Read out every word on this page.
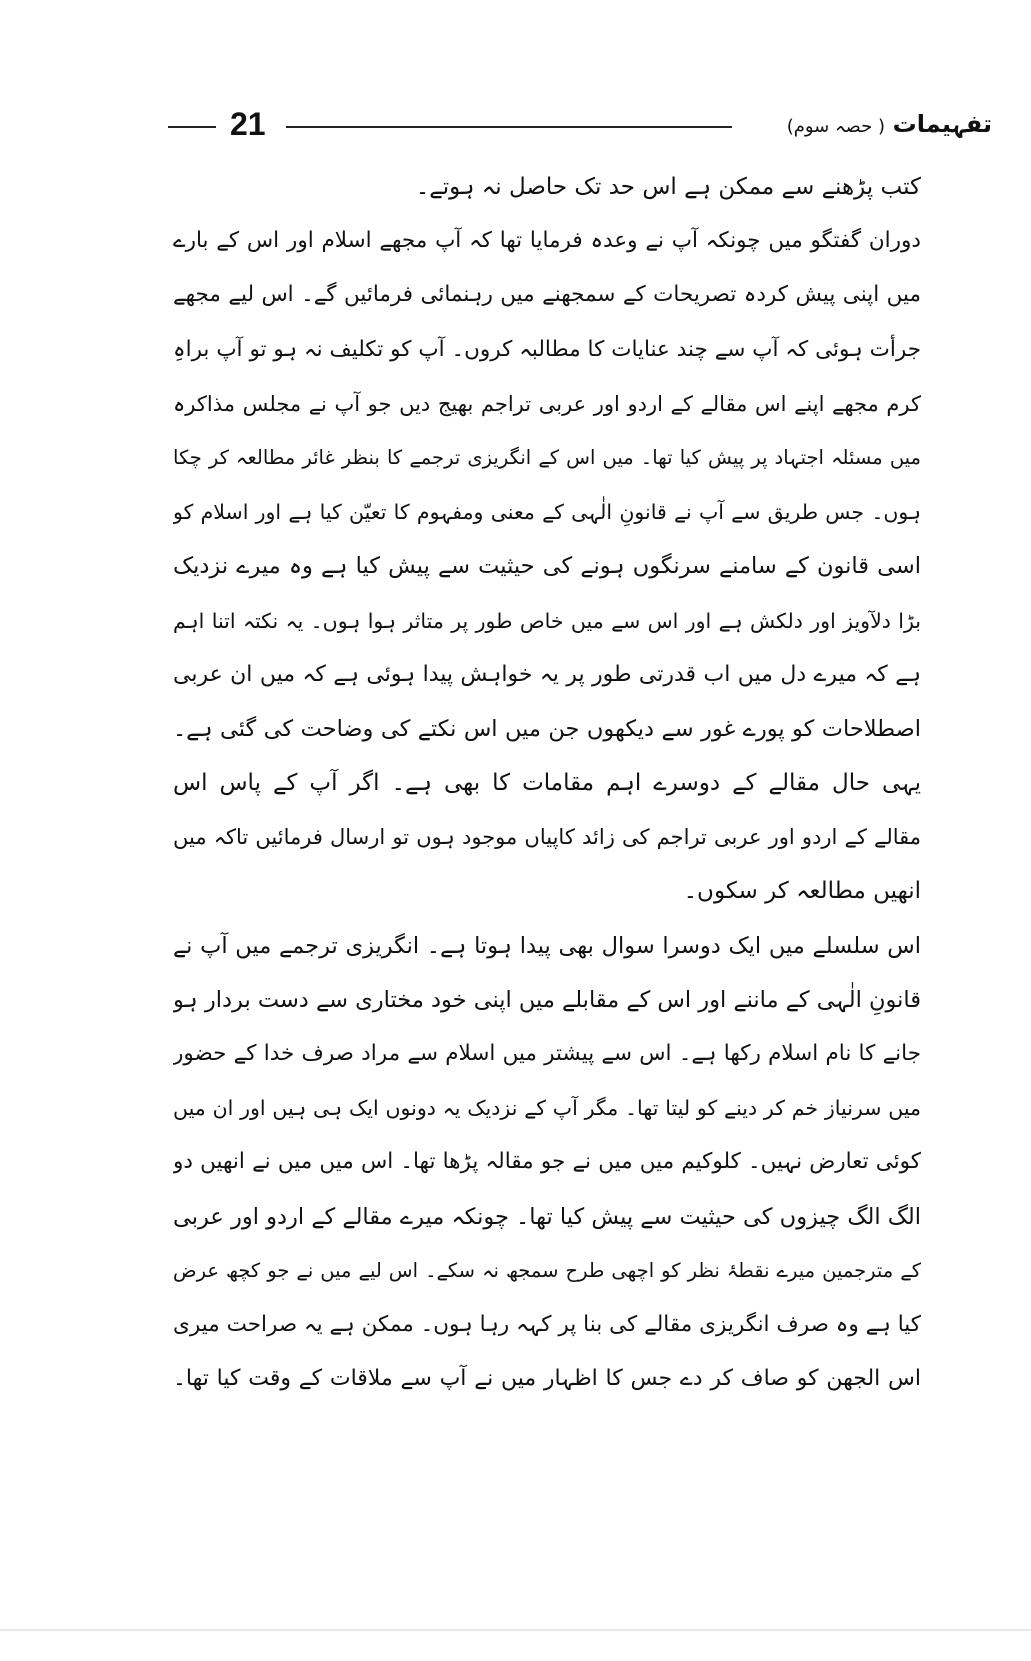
21	تفہیمات ( حصہ سوم)
کتب پڑھنے سے ممکن ہے اس حد تک حاصل نہ ہوتے۔
دوران گفتگو میں چونکہ آپ نے وعدہ فرمایا تھا کہ آپ مجھے اسلام اور اس کے بارے
میں اپنی پیش کردہ تصریحات کے سمجھنے میں رہنمائی فرمائیں گے۔ اس لیے مجھے
جرأت ہوئی کہ آپ سے چند عنایات کا مطالبہ کروں۔ آپ کو تکلیف نہ ہو تو آپ براہِ
کرم مجھے اپنے اس مقالے کے اردو اور عربی تراجم بھیج دیں جو آپ نے مجلس مذاکرہ
میں مسئلہ اجتہاد پر پیش کیا تھا۔ میں اس کے انگریزی ترجمے کا بنظر غائر مطالعہ کر چکا
ہوں۔ جس طریق سے آپ نے قانونِ الٰہی کے معنی ومفہوم کا تعیّن کیا ہے اور اسلام کو
اسی قانون کے سامنے سرنگوں ہونے کی حیثیت سے پیش کیا ہے وہ میرے نزدیک
بڑا دلآویز اور دلکش ہے اور اس سے میں خاص طور پر متاثر ہوا ہوں۔ یہ نکتہ اتنا اہم
ہے کہ میرے دل میں اب قدرتی طور پر یہ خواہش پیدا ہوئی ہے کہ میں ان عربی
اصطلاحات کو پورے غور سے دیکھوں جن میں اس نکتے کی وضاحت کی گئی ہے۔
یہی حال مقالے کے دوسرے اہم مقامات کا بھی ہے۔ اگر آپ کے پاس اس
مقالے کے اردو اور عربی تراجم کی زائد کاپیاں موجود ہوں تو ارسال فرمائیں تاکہ میں
انھیں مطالعہ کر سکوں۔
اس سلسلے میں ایک دوسرا سوال بھی پیدا ہوتا ہے۔ انگریزی ترجمے میں آپ نے
قانونِ الٰہی کے ماننے اور اس کے مقابلے میں اپنی خود مختاری سے دست بردار ہو
جانے کا نام اسلام رکھا ہے۔ اس سے پیشتر میں اسلام سے مراد صرف خدا کے حضور
میں سرنیاز خم کر دینے کو لیتا تھا۔ مگر آپ کے نزدیک یہ دونوں ایک ہی ہیں اور ان میں
کوئی تعارض نہیں۔ کلوکیم میں میں نے جو مقالہ پڑھا تھا۔ اس میں میں نے انھیں دو
الگ الگ چیزوں کی حیثیت سے پیش کیا تھا۔ چونکہ میرے مقالے کے اردو اور عربی
کے مترجمین میرے نقطۂ نظر کو اچھی طرح سمجھ نہ سکے۔ اس لیے میں نے جو کچھ عرض
کیا ہے وہ صرف انگریزی مقالے کی بنا پر کہہ رہا ہوں۔ ممکن ہے یہ صراحت میری
اس الجھن کو صاف کر دے جس کا اظہار میں نے آپ سے ملاقات کے وقت کیا تھا۔
